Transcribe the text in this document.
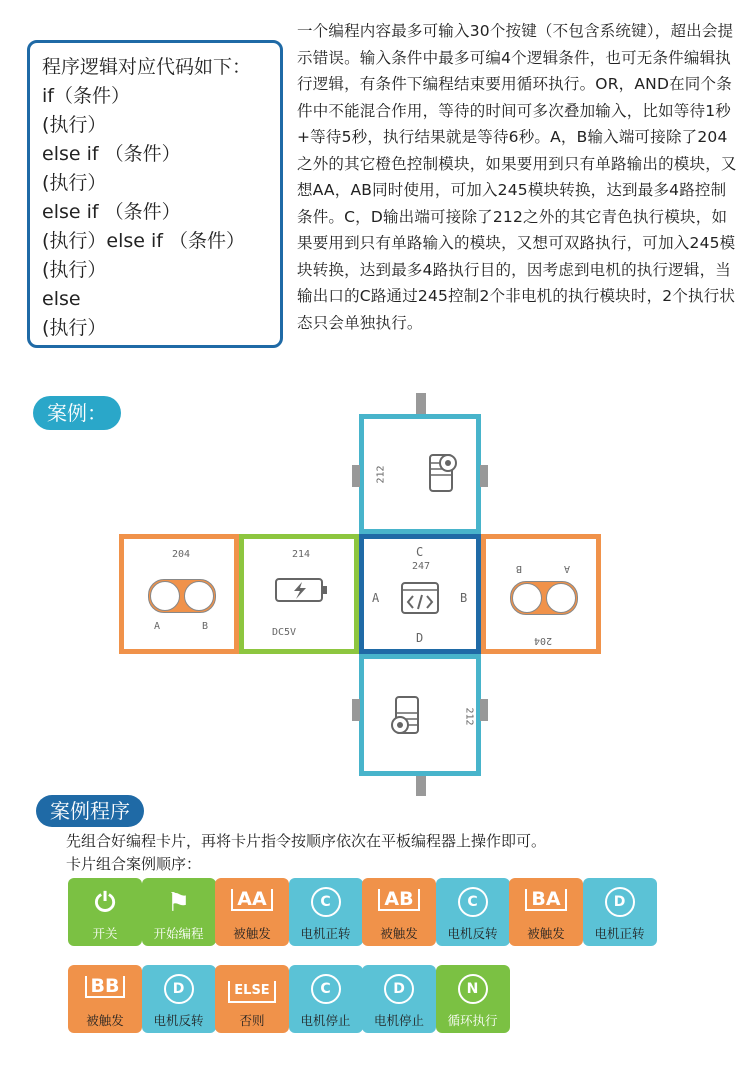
程序逻辑对应代码如下：
if（条件）
(执行）
else if （条件）
(执行）
else if （条件）
(执行）else if （条件）
(执行）
else
(执行）
一个编程内容最多可输入30个按键（不包含系统键），超出会提示错误。输入条件中最多可编4个逻辑条件，也可无条件编辑执行逻辑，有条件下编程结束要用循环执行。OR，AND在同个条件中不能混合作用，等待的时间可多次叠加输入，比如等待1秒+等待5秒，执行结果就是等待6秒。A，B输入端可接除了204之外的其它橙色控制模块，如果要用到只有单路输出的模块，又想AA，AB同时使用，可加入245模块转换，达到最多4路控制条件。C，D输出端可接除了212之外的其它青色执行模块，如果要用到只有单路输入的模块，又想可双路执行，可加入245模块转换，达到最多4路执行目的，因考虑到电机的执行逻辑，当输出口的C路通过245控制2个非电机的执行模块时，2个执行状态只会单独执行。
案例：
212
204
A	B
214
DC5V
C
247
A	B
D	204
A
B
212
案例程序
先组合好编程卡片，再将卡片指令按顺序依次在平板编程器上操作即可。
卡片组合案例顺序：
⏻
开关
⚑
开始编程
AA
被触发
C
电机正转
AB
被触发
C
电机反转
BA
被触发
D
电机正转
BB
被触发
D
电机反转
ELSE
否则
C
电机停止
D
电机停止
N
循环执行
